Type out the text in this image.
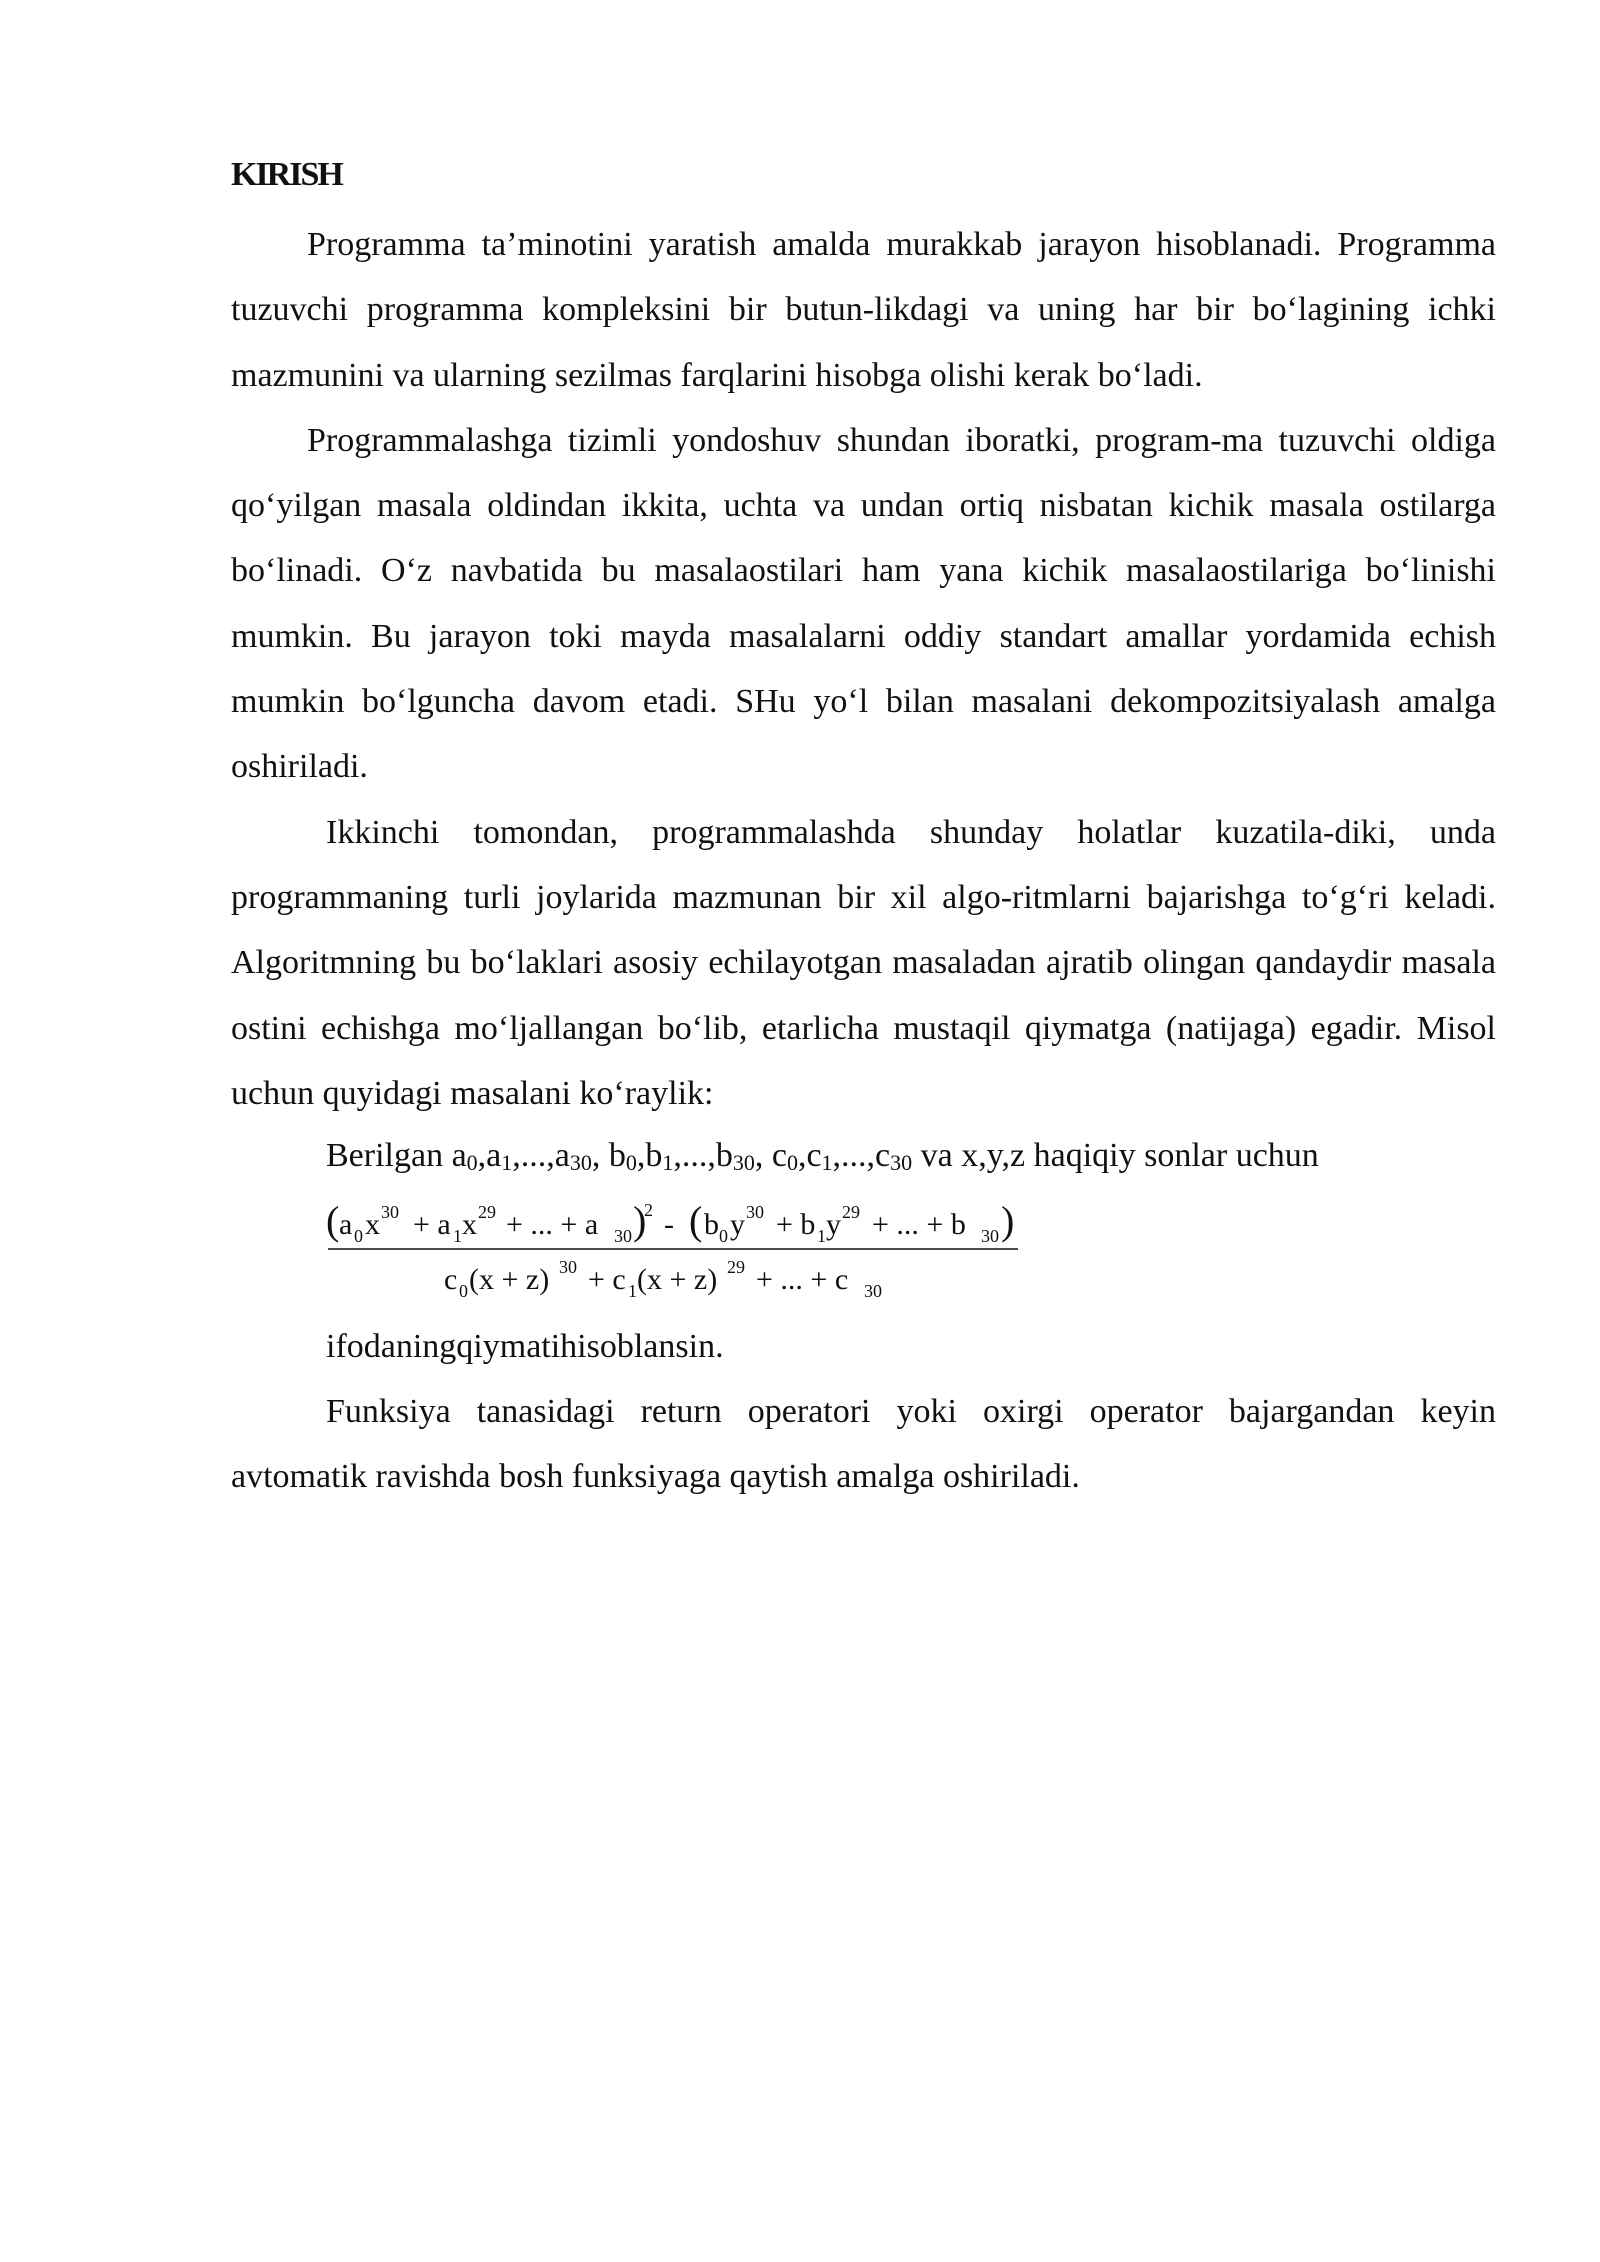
KIRISH

Programma ta’minotini yaratish amalda murakkab jarayon hisoblanadi. Programma tuzuvchi programma kompleksini bir butun-likdagi va uning har bir bo‘lagining ichki mazmunini va ularning sezilmas farqlarini hisobga olishi kerak bo‘ladi.

Programmalashga tizimli yondoshuv shundan iboratki, program-ma tuzuvchi oldiga qo‘yilgan masala oldindan ikkita, uchta va undan ortiq nisbatan kichik masala ostilarga bo‘linadi. O‘z navbatida bu masalaostilari ham yana kichik masalaostilariga bo‘linishi mumkin. Bu jarayon toki mayda masalalarni oddiy standart amallar yordamida echish mumkin bo‘lguncha davom etadi. SHu yo‘l bilan masalani dekompozitsiyalash amalga oshiriladi.

Ikkinchi tomondan, programmalashda shunday holatlar kuzatila-diki, unda programmaning turli joylarida mazmunan bir xil algo-ritmlarni bajarishga to‘g‘ri keladi. Algoritmning bu bo‘laklari asosiy echilayotgan masaladan ajratib olingan qandaydir masala ostini echishga mo‘ljallangan bo‘lib, etarlicha mustaqil qiymatga (natijaga) egadir. Misol uchun quyidagi masalani ko‘raylik:

Berilgan $a_0,a_1,...,a_{30}$, $b_0,b_1,...,b_{30}$, $c_0,c_1,...,c_{30}$ va x,y,z haqiqiy sonlar uchun

( a 0 x 30 + a 1 x 29 + ... + a 30 )
2 - ( b 0 y 30 + b 1 y 29 + ... + b 30 )
c 0 (x + z) 30 + c 1 (x + z) 29 + ... + c 30

ifodaningqiymatihisoblansin.

Funksiya tanasidagi return operatori yoki oxirgi operator bajargandan keyin avtomatik ravishda bosh funksiyaga qaytish amalga oshiriladi.
